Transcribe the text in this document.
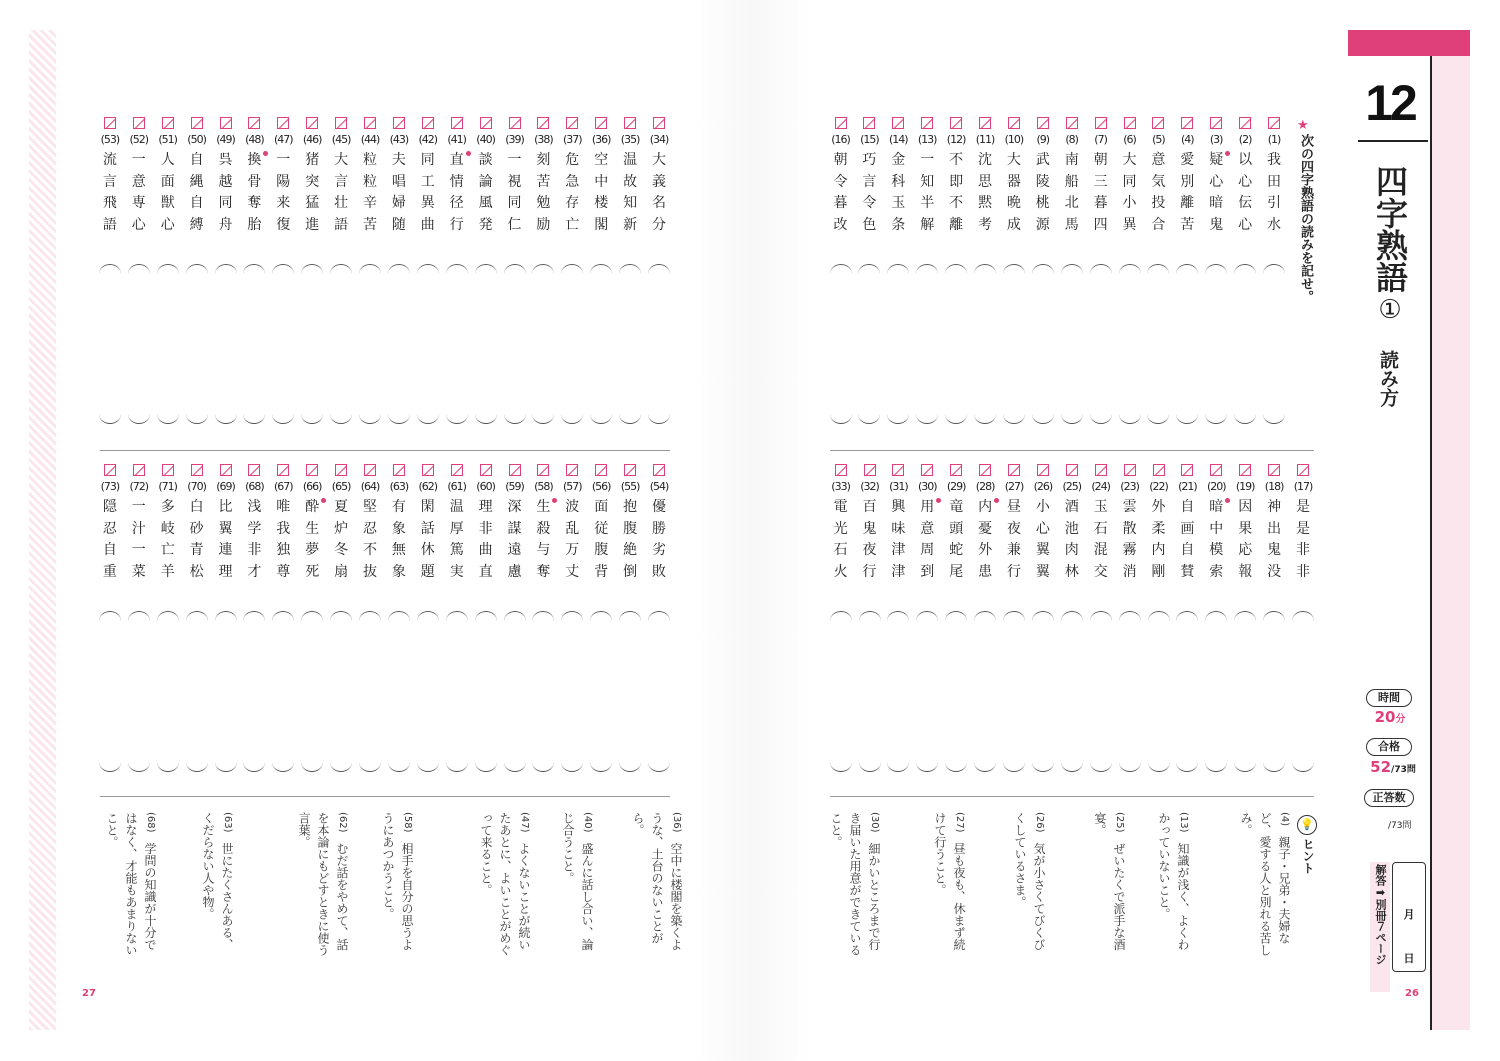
12
四字熟語
①
読み方
時間
20分
合格
52/73問
正答数
/73問
解答➡別冊７ページ	月
日
★
次の四字熟語の読みを記せ。
(1)
我
田
引
水
(2)
以
心
伝
心
(3)
疑
心
暗
鬼
(4)
愛
別
離
苦
(5)
意
気
投
合
(6)
大
同
小
異
(7)
朝
三
暮
四
(8)
南
船
北
馬
(9)
武
陵
桃
源
(10)
大
器
晩
成
(11)
沈
思
黙
考
(12)
不
即
不
離
(13)
一
知
半
解
(14)
金
科
玉
条
(15)
巧
言
令
色
(16)
朝
令
暮
改
(17)
是
是
非
非
(18)
神
出
鬼
没
(19)
因
果
応
報
(20)
暗
中
模
索
(21)
自
画
自
賛
(22)
外
柔
内
剛
(23)
雲
散
霧
消
(24)
玉
石
混
交
(25)
酒
池
肉
林
(26)
小
心
翼
翼
(27)
昼
夜
兼
行
(28)
内
憂
外
患
(29)
竜
頭
蛇
尾
(30)
用
意
周
到
(31)
興
味
津
津
(32)
百
鬼
夜
行
(33)
電
光
石
火
(34)
大
義
名
分
(35)
温
故
知
新
(36)
空
中
楼
閣
(37)
危
急
存
亡
(38)
刻
苦
勉
励
(39)
一
視
同
仁
(40)
談
論
風
発
(41)
直
情
径
行
(42)
同
工
異
曲
(43)
夫
唱
婦
随
(44)
粒
粒
辛
苦
(45)
大
言
壮
語
(46)
猪
突
猛
進
(47)
一
陽
来
復
(48)
換
骨
奪
胎
(49)
呉
越
同
舟
(50)
自
縄
自
縛
(51)
人
面
獣
心
(52)
一
意
専
心
(53)
流
言
飛
語
(54)
優
勝
劣
敗
(55)
抱
腹
絶
倒
(56)
面
従
腹
背
(57)
波
乱
万
丈
(58)
生
殺
与
奪
(59)
深
謀
遠
慮
(60)
理
非
曲
直
(61)
温
厚
篤
実
(62)
閑
話
休
題
(63)
有
象
無
象
(64)
堅
忍
不
抜
(65)
夏
炉
冬
扇
(66)
酔
生
夢
死
(67)
唯
我
独
尊
(68)
浅
学
非
才
(69)
比
翼
連
理
(70)
白
砂
青
松
(71)
多
岐
亡
羊
(72)
一
汁
一
菜
(73)
隠
忍
自
重
💡
ヒント
(4)　親子・兄弟・夫婦など、愛する人と別れる苦しみ。
(13)　知識が浅く、よくわかっていないこと。
(25)　ぜいたくで派手な酒宴。
(26)　気が小さくてびくびくしているさま。
(27)　昼も夜も、休まず続けて行うこと。
(30)　細かいところまで行き届いた用意ができていること。
(36)　空中に楼閣を築くような、土台のないことがら。
(40)　盛んに話し合い、論じ合うこと。
(47)　よくないことが続いたあとに、よいことがめぐって来ること。
(58)　相手を自分の思うようにあつかうこと。
(62)　むだ話をやめて、話を本論にもどすときに使う言葉。
(63)　世にたくさんある、くだらない人や物。
(68)　学問の知識が十分ではなく、才能もあまりないこと。
27	26
